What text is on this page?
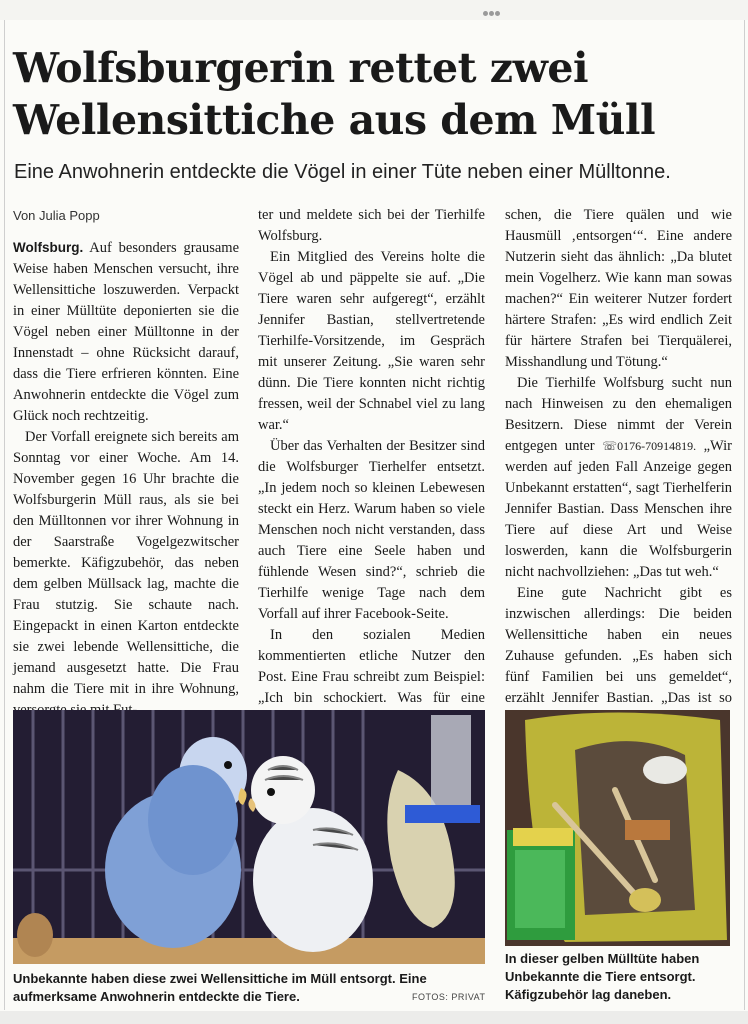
Wolfsburgerin rettet zwei
Wellensittiche aus dem Müll

Eine Anwohnerin entdeckte die Vögel in einer Tüte neben einer Mülltonne.

Von Julia Popp

Wolfsburg. Auf besonders grausame Weise haben Menschen versucht, ihre Wellensittiche loszuwerden. Verpackt in einer Mülltüte deponierten sie die Vögel neben einer Mülltonne in der Innenstadt – ohne Rücksicht darauf, dass die Tiere erfrieren könnten. Eine Anwohnerin entdeckte die Vögel zum Glück noch rechtzeitig.

Der Vorfall ereignete sich bereits am Sonntag vor einer Woche. Am 14. November gegen 16 Uhr brachte die Wolfsburgerin Müll raus, als sie bei den Mülltonnen vor ihrer Wohnung in der Saarstraße Vogelgezwitscher bemerkte. Käfigzubehör, das neben dem gelben Müllsack lag, machte die Frau stutzig. Sie schaute nach. Eingepackt in einen Karton entdeckte sie zwei lebende Wellensittiche, die jemand ausgesetzt hatte. Die Frau nahm die Tiere mit in ihre Wohnung,

ter und meldete sich bei der Tierhilfe Wolfsburg.

Ein Mitglied des Vereins holte die Vögel ab und päppelte sie auf. „Die Tiere waren sehr aufgeregt“, erzählt Jennifer Bastian, stellvertretende Tierhilfe-Vorsitzende, im Gespräch mit unserer Zeitung. „Sie waren sehr dünn. Die Tiere konnten nicht richtig fressen, weil der Schnabel viel zu lang war.“

Über das Verhalten der Besitzer sind die Wolfsburger Tierhelfer entsetzt. „In jedem noch so kleinen Lebewesen steckt ein Herz. Warum haben so viele Menschen noch nicht verstanden, dass auch Tiere eine Seele haben und fühlende Wesen sind?“, schrieb die Tierhilfe wenige Tage nach dem Vorfall auf ihrer Facebook-Seite.

In den sozialen Medien kommentierten etliche Nutzer den Post. Eine Frau schreibt zum Beispiel: „Ich bin schockiert. Was für eine

schen, die Tiere quälen und wie Hausmüll ‚entsorgen‘“. Eine andere Nutzerin sieht das ähnlich: „Da blutet mein Vogelherz. Wie kann man sowas machen?“ Ein weiterer Nutzer fordert härtere Strafen: „Es wird endlich Zeit für härtere Strafen bei Tierquälerei, Misshandlung und Tötung.“

Die Tierhilfe Wolfsburg sucht nun nach Hinweisen zu den ehemaligen Besitzern. Diese nimmt der Verein entgegen unter ☏0176-70914819. „Wir werden auf jeden Fall Anzeige gegen Unbekannt erstatten“, sagt Tierhelferin Jennifer Bastian. Dass Menschen ihre Tiere auf diese Art und Weise loswerden, kann die Wolfsburgerin nicht nachvollziehen: „Das tut weh.“

Eine gute Nachricht gibt es inzwischen allerdings: Die beiden Wellensittiche haben ein neues Zuhause gefunden. „Es haben sich fünf Familien bei uns gemeldet“, erzählt Jennifer Bastian. „Das ist so

Unbekannte haben diese zwei Wellensittiche im Müll entsorgt. Eine aufmerksame Anwohnerin entdeckte die Tiere.	FOTOS: PRIVAT

In dieser gelben Mülltüte haben Unbekannte die Tiere entsorgt. Käfigzubehör lag daneben.
